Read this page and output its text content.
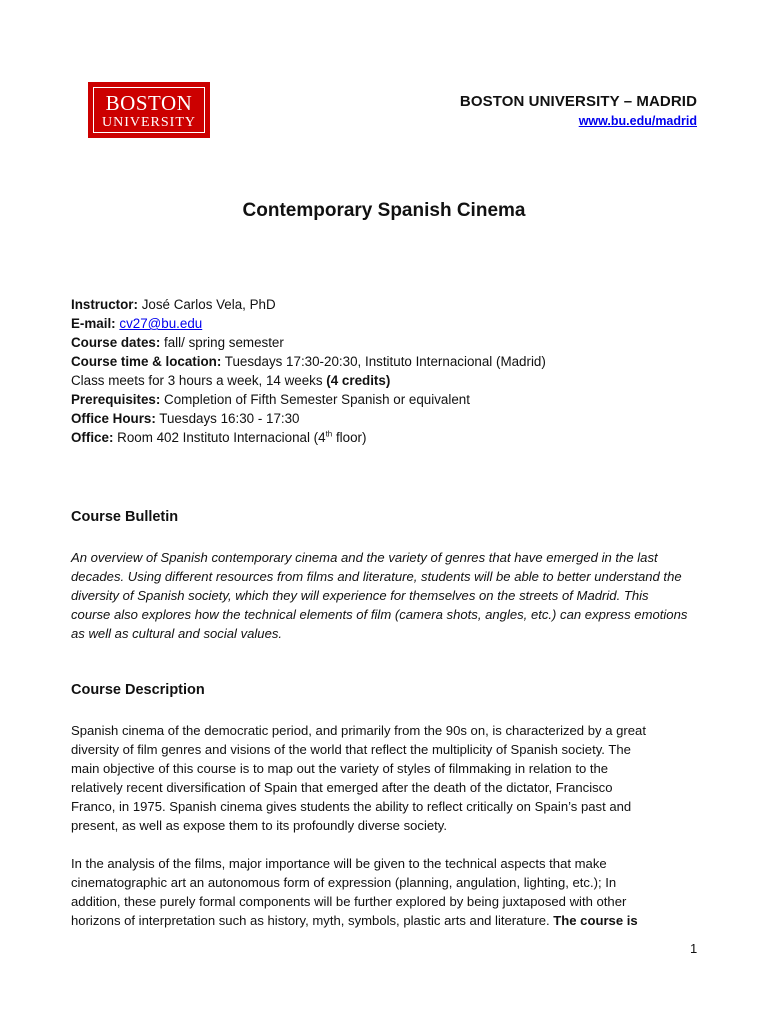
BOSTON
UNIVERSITY
BOSTON UNIVERSITY – MADRID
www.bu.edu/madrid
Contemporary Spanish Cinema
Instructor: José Carlos Vela, PhD
E-mail: cv27@bu.edu
Course dates: fall/ spring semester
Course time & location: Tuesdays 17:30-20:30, Instituto Internacional (Madrid)
Class meets for 3 hours a week, 14 weeks (4 credits)
Prerequisites: Completion of Fifth Semester Spanish or equivalent
Office Hours: Tuesdays 16:30 - 17:30
Office: Room 402 Instituto Internacional (4th floor)
Course Bulletin
An overview of Spanish contemporary cinema and the variety of genres that have emerged in the last
decades. Using different resources from films and literature, students will be able to better understand the
diversity of Spanish society, which they will experience for themselves on the streets of Madrid. This
course also explores how the technical elements of film (camera shots, angles, etc.) can express emotions
as well as cultural and social values.
Course Description
Spanish cinema of the democratic period, and primarily from the 90s on, is characterized by a great
diversity of film genres and visions of the world that reflect the multiplicity of Spanish society. The
main objective of this course is to map out the variety of styles of filmmaking in relation to the
relatively recent diversification of Spain that emerged after the death of the dictator, Francisco
Franco, in 1975. Spanish cinema gives students the ability to reflect critically on Spain’s past and
present, as well as expose them to its profoundly diverse society.
In the analysis of the films, major importance will be given to the technical aspects that make
cinematographic art an autonomous form of expression (planning, angulation, lighting, etc.); In
addition, these purely formal components will be further explored by being juxtaposed with other
horizons of interpretation such as history, myth, symbols, plastic arts and literature. The course is
1
